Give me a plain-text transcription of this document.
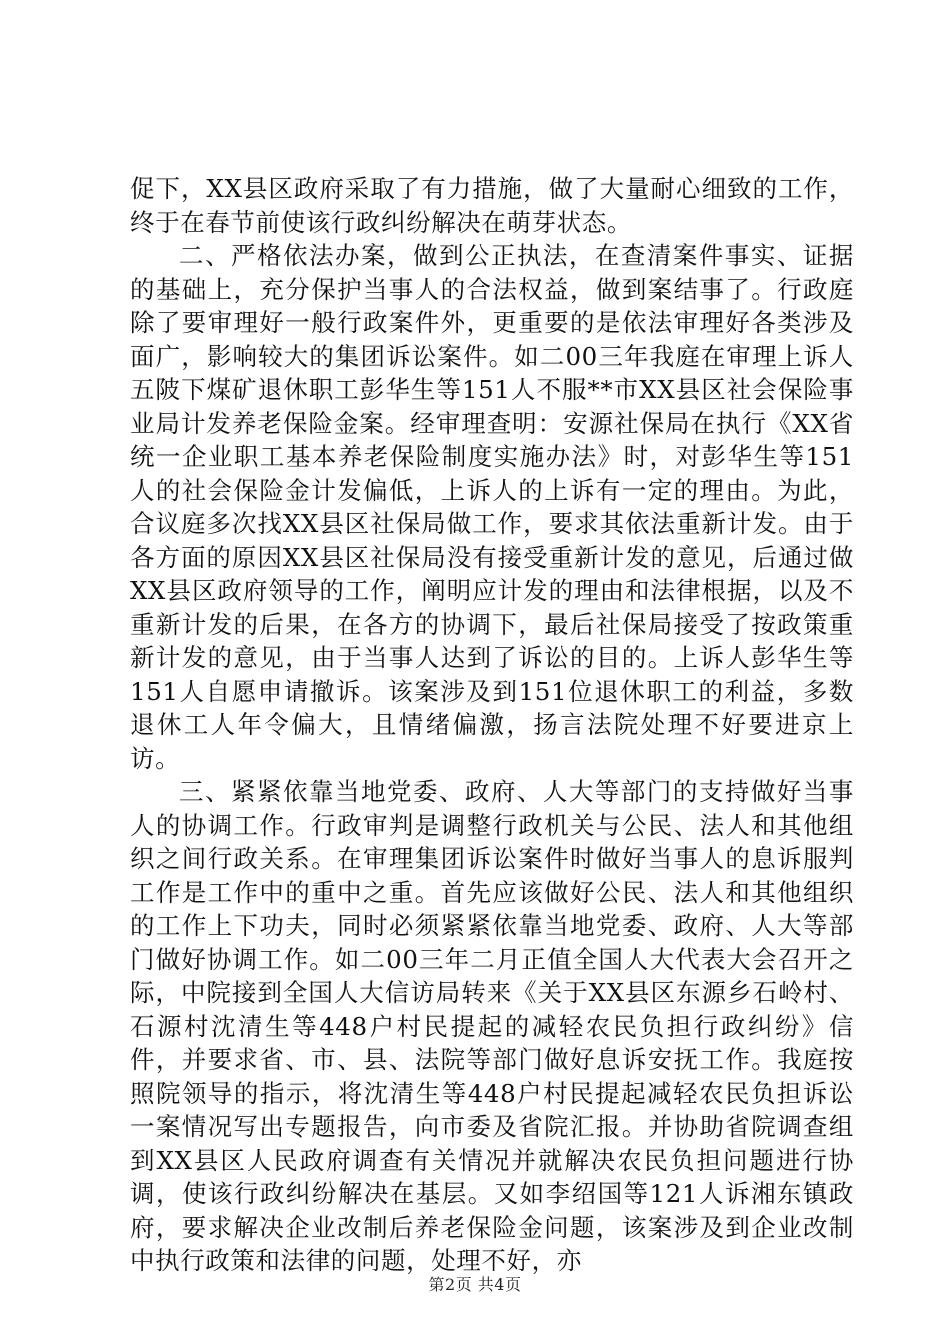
促下，XX县区政府采取了有力措施，做了大量耐心细致的工作，终于在春节前使该行政纠纷解决在萌芽状态。

二、严格依法办案，做到公正执法，在查清案件事实、证据的基础上，充分保护当事人的合法权益，做到案结事了。行政庭除了要审理好一般行政案件外，更重要的是依法审理好各类涉及面广，影响较大的集团诉讼案件。如二00三年我庭在审理上诉人五陂下煤矿退休职工彭华生等151人不服**市XX县区社会保险事业局计发养老保险金案。经审理查明：安源社保局在执行《XX省统一企业职工基本养老保险制度实施办法》时，对彭华生等151人的社会保险金计发偏低，上诉人的上诉有一定的理由。为此，合议庭多次找XX县区社保局做工作，要求其依法重新计发。由于各方面的原因XX县区社保局没有接受重新计发的意见，后通过做XX县区政府领导的工作，阐明应计发的理由和法律根据，以及不重新计发的后果，在各方的协调下，最后社保局接受了按政策重新计发的意见，由于当事人达到了诉讼的目的。上诉人彭华生等151人自愿申请撤诉。该案涉及到151位退休职工的利益，多数退休工人年令偏大，且情绪偏激，扬言法院处理不好要进京上访。

三、紧紧依靠当地党委、政府、人大等部门的支持做好当事人的协调工作。行政审判是调整行政机关与公民、法人和其他组织之间行政关系。在审理集团诉讼案件时做好当事人的息诉服判工作是工作中的重中之重。首先应该做好公民、法人和其他组织的工作上下功夫，同时必须紧紧依靠当地党委、政府、人大等部门做好协调工作。如二00三年二月正值全国人大代表大会召开之际，中院接到全国人大信访局转来《关于XX县区东源乡石岭村、石源村沈清生等448户村民提起的减轻农民负担行政纠纷》信件，并要求省、市、县、法院等部门做好息诉安抚工作。我庭按照院领导的指示，将沈清生等448户村民提起减轻农民负担诉讼一案情况写出专题报告，向市委及省院汇报。并协助省院调查组到XX县区人民政府调查有关情况并就解决农民负担问题进行协调，使该行政纠纷解决在基层。又如李绍国等121人诉湘东镇政府，要求解决企业改制后养老保险金问题，该案涉及到企业改制中执行政策和法律的问题，处理不好，亦

第2页 共4页
